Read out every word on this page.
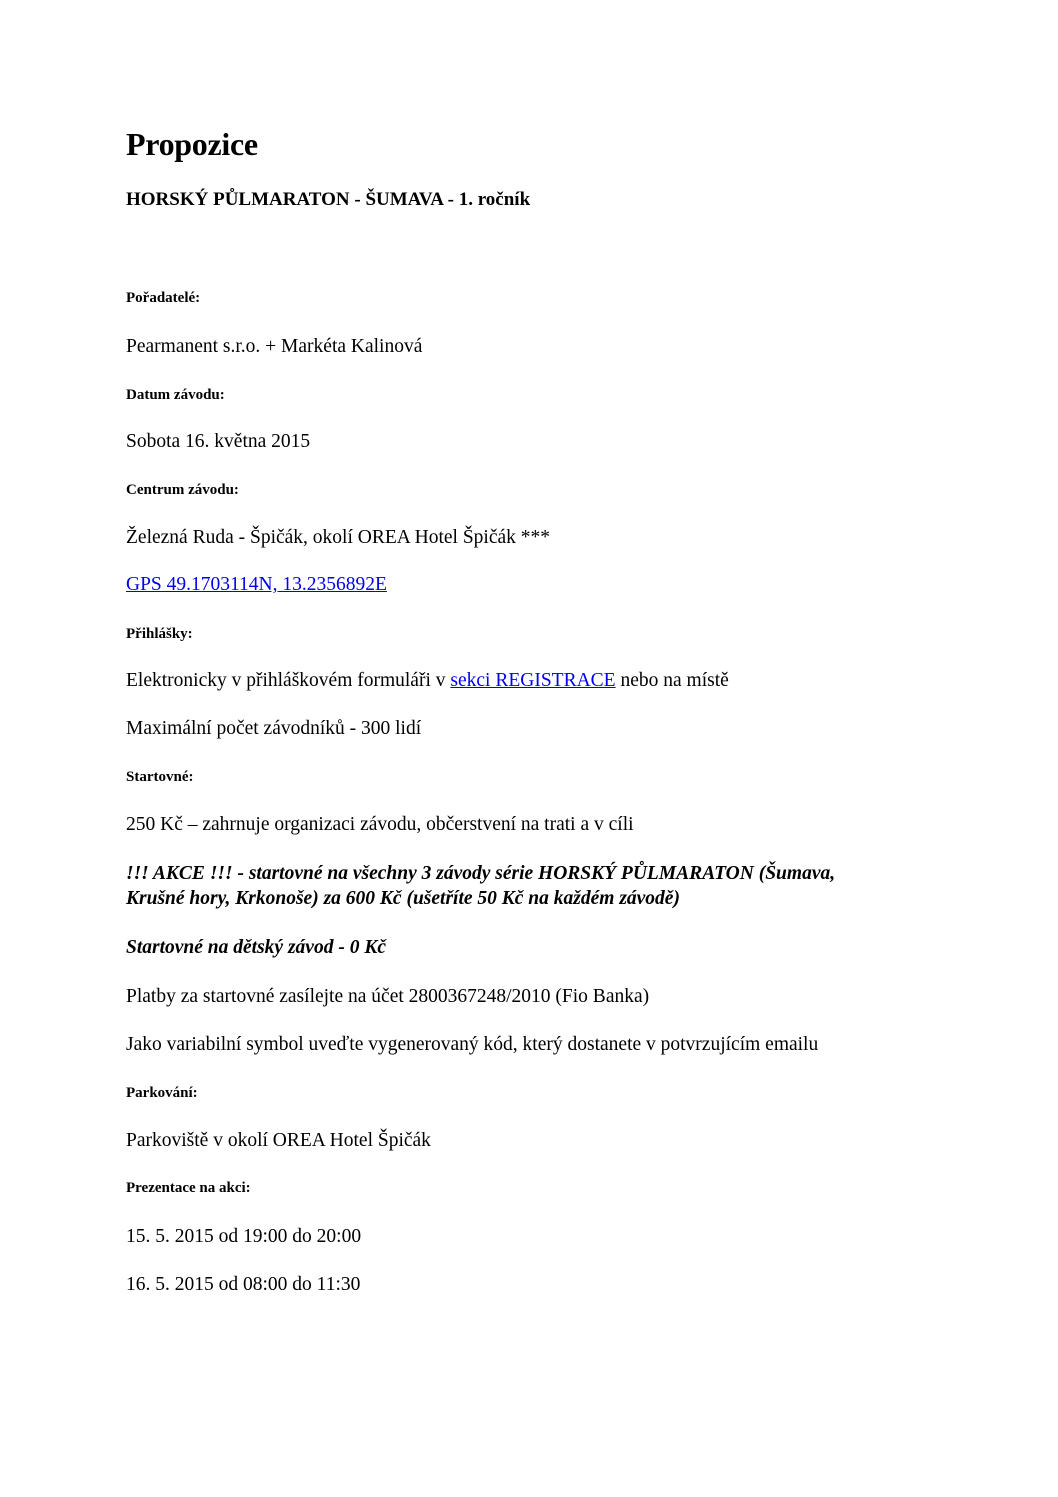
Propozice

HORSKÝ PŮLMARATON - ŠUMAVA - 1. ročník

Pořadatelé:

Pearmanent s.r.o. + Markéta Kalinová

Datum závodu:

Sobota 16. května 2015

Centrum závodu:

Železná Ruda - Špičák, okolí OREA Hotel Špičák ***

GPS 49.1703114N, 13.2356892E

Přihlášky:

Elektronicky v přihláškovém formuláři v sekci REGISTRACE nebo na místě

Maximální počet závodníků - 300 lidí

Startovné:

250 Kč – zahrnuje organizaci závodu, občerstvení na trati a v cíli

!!! AKCE !!! - startovné na všechny 3 závody série HORSKÝ PŮLMARATON (Šumava,

Krušné hory, Krkonoše) za 600 Kč (ušetříte 50 Kč na každém závodě)

Startovné na dětský závod - 0 Kč

Platby za startovné zasílejte na účet 2800367248/2010 (Fio Banka)

Jako variabilní symbol uveďte vygenerovaný kód, který dostanete v potvrzujícím emailu

Parkování:

Parkoviště v okolí OREA Hotel Špičák

Prezentace na akci:

15. 5. 2015 od 19:00 do 20:00

16. 5. 2015 od 08:00 do 11:30
